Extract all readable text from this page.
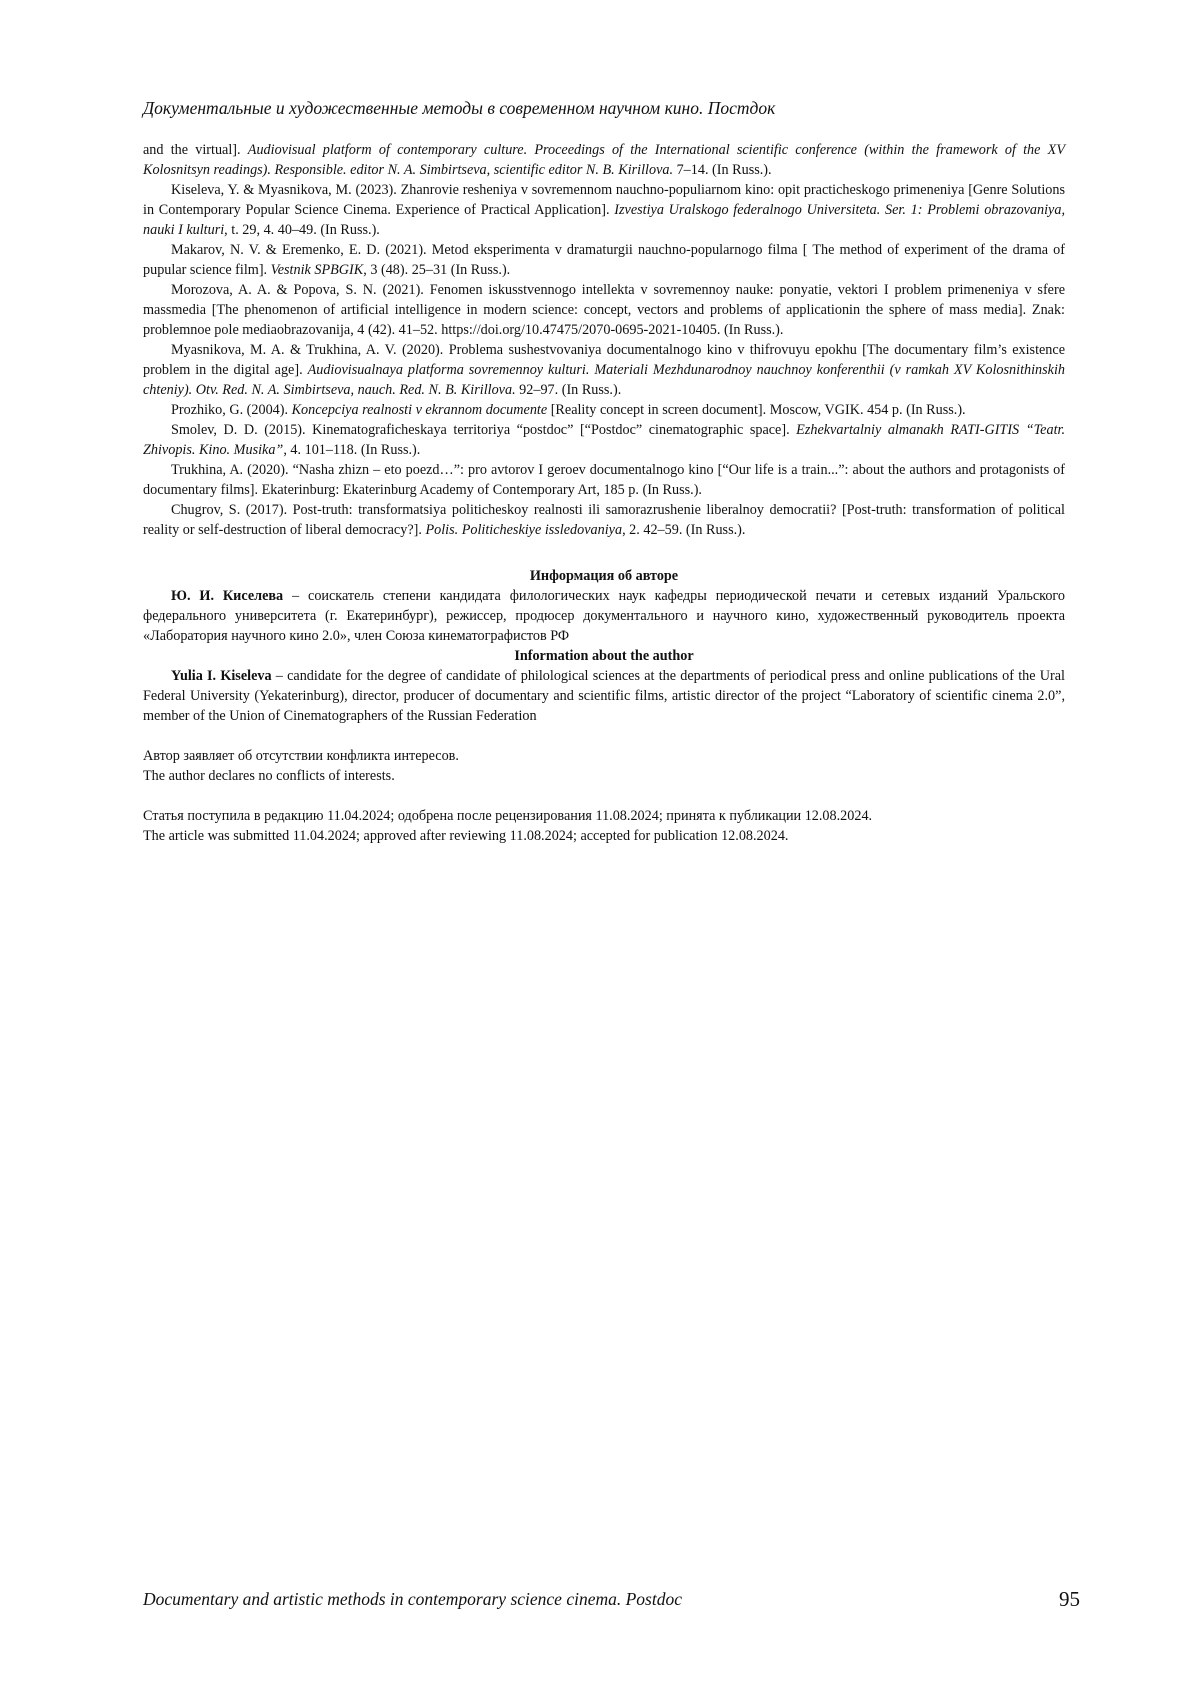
Документальные и художественные методы в современном научном кино. Постдок

and the virtual]. Audiovisual platform of contemporary culture. Proceedings of the International scientific conference (within the framework of the XV Kolosnitsyn readings). Responsible. editor N. A. Simbirtseva, scientific editor N. B. Kirillova. 7–14. (In Russ.).

Kiseleva, Y. & Myasnikova, M. (2023). Zhanrovie resheniya v sovremennom nauchno-populiarnom kino: opit practicheskogo primeneniya [Genre Solutions in Contemporary Popular Science Cinema. Experience of Practical Application]. Izvestiya Uralskogo federalnogo Universiteta. Ser. 1: Problemi obrazovaniya, nauki I kulturi, t. 29, 4. 40–49. (In Russ.).

Makarov, N. V. & Eremenko, E. D. (2021). Metod eksperimenta v dramaturgii nauchno-popularnogo filma [ The method of experiment of the drama of pupular science film]. Vestnik SPBGIK, 3 (48). 25–31 (In Russ.).

Morozova, A. A. & Popova, S. N. (2021). Fenomen iskusstvennogo intellekta v sovremennoy nauke: ponyatie, vektori I problem primeneniya v sfere massmedia [The phenomenon of artificial intelligence in modern science: concept, vectors and problems of applicationin the sphere of mass media]. Znak: problemnoe pole mediaobrazovanija, 4 (42). 41–52. https://doi.org/10.47475/2070-0695-2021-10405. (In Russ.).

Myasnikova, M. A. & Trukhina, A. V. (2020). Problema sushestvovaniya documentalnogo kino v thifrovuyu epokhu [The documentary film’s existence problem in the digital age]. Audiovisualnaya platforma sovremennoy kulturi. Materiali Mezhdunarodnoy nauchnoy konferenthii (v ramkah XV Kolosnithinskih chteniy). Otv. Red. N. A. Simbirtseva, nauch. Red. N. B. Kirillova. 92–97. (In Russ.).

Prozhiko, G. (2004). Koncepciya realnosti v ekrannom documente [Reality concept in screen document]. Moscow, VGIK. 454 p. (In Russ.).

Smolev, D. D. (2015). Kinematograficheskaya territoriya “postdoc” [“Postdoc” cinematographic space]. Ezhekvartalniy almanakh RATI-GITIS “Teatr. Zhivopis. Kino. Musika”, 4. 101–118. (In Russ.).

Trukhina, A. (2020). “Nasha zhizn – eto poezd…”: pro avtorov I geroev documentalnogo kino [“Our life is a train...”: about the authors and protagonists of documentary films]. Ekaterinburg: Ekaterinburg Academy of Contemporary Art, 185 p. (In Russ.).

Chugrov, S. (2017). Post-truth: transformatsiya politicheskoy realnosti ili samorazrushenie liberalnoy democratii? [Post-truth: transformation of political reality or self-destruction of liberal democracy?]. Polis. Politicheskiye issledovaniya, 2. 42–59. (In Russ.).

Информация об авторе

Ю. И. Киселева – соискатель степени кандидата филологических наук кафедры периодической печати и сетевых изданий Уральского федерального университета (г. Екатеринбург), режиссер, продюсер документального и научного кино, художественный руководитель проекта «Лаборатория научного кино 2.0», член Союза кинематографистов РФ

Information about the author

Yulia I. Kiseleva – candidate for the degree of candidate of philological sciences at the departments of periodical press and online publications of the Ural Federal University (Yekaterinburg), director, producer of documentary and scientific films, artistic director of the project “Laboratory of scientific cinema 2.0”, member of the Union of Cinematographers of the Russian Federation

Автор заявляет об отсутствии конфликта интересов.

The author declares no conflicts of interests.

Статья поступила в редакцию 11.04.2024; одобрена после рецензирования 11.08.2024; принята к публикации 12.08.2024.

The article was submitted 11.04.2024; approved after reviewing 11.08.2024; accepted for publication 12.08.2024.

Documentary and artistic methods in contemporary science cinema. Postdoc	95
